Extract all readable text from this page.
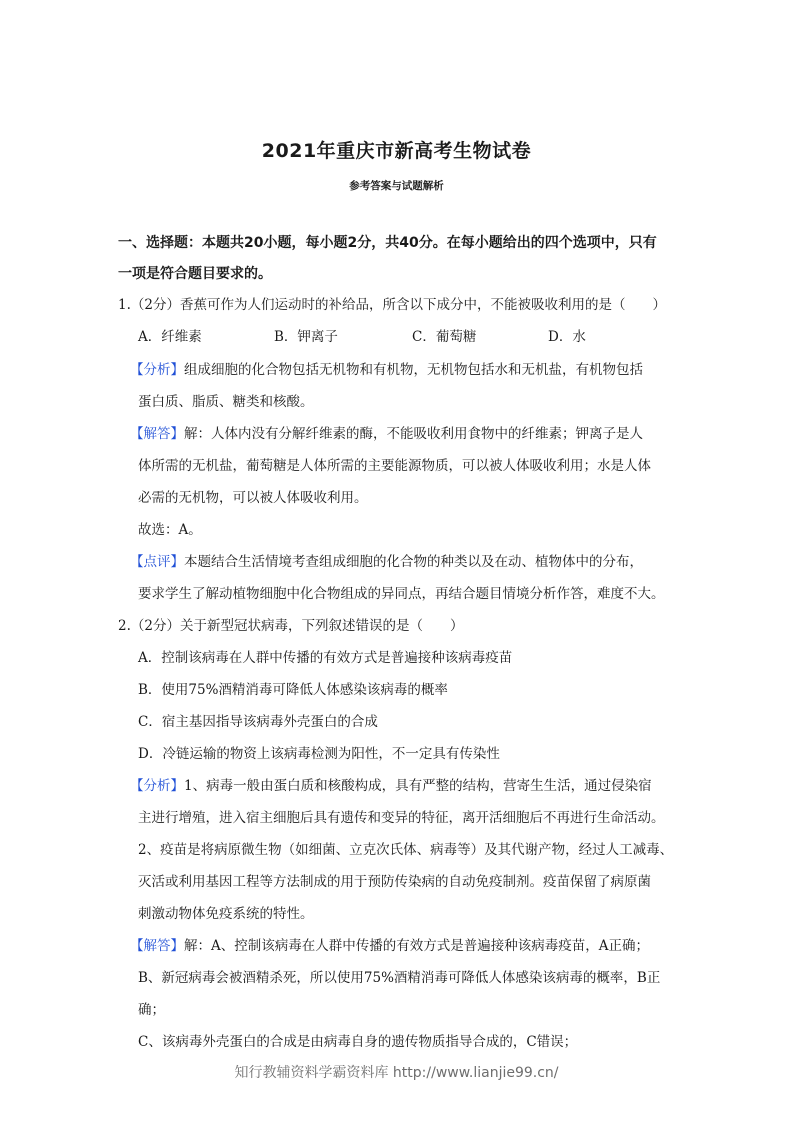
2021年重庆市新高考生物试卷
参考答案与试题解析
一、选择题：本题共20小题，每小题2分，共40分。在每小题给出的四个选项中，只有
一项是符合题目要求的。
1.（2分）香蕉可作为人们运动时的补给品，所含以下成分中，不能被吸收利用的是（　　）
A．纤维素	B．钾离子	C．葡萄糖	D．水
【分析】组成细胞的化合物包括无机物和有机物，无机物包括水和无机盐，有机物包括
蛋白质、脂质、糖类和核酸。
【解答】解：人体内没有分解纤维素的酶，不能吸收利用食物中的纤维素；钾离子是人
体所需的无机盐，葡萄糖是人体所需的主要能源物质，可以被人体吸收利用；水是人体
必需的无机物，可以被人体吸收利用。
故选：A。
【点评】本题结合生活情境考查组成细胞的化合物的种类以及在动、植物体中的分布，
要求学生了解动植物细胞中化合物组成的异同点，再结合题目情境分析作答，难度不大。
2.（2分）关于新型冠状病毒，下列叙述错误的是（　　）
A．控制该病毒在人群中传播的有效方式是普遍接种该病毒疫苗
B．使用75%酒精消毒可降低人体感染该病毒的概率
C．宿主基因指导该病毒外壳蛋白的合成
D．冷链运输的物资上该病毒检测为阳性，不一定具有传染性
【分析】1、病毒一般由蛋白质和核酸构成，具有严整的结构，营寄生生活，通过侵染宿
主进行增殖，进入宿主细胞后具有遗传和变异的特征，离开活细胞后不再进行生命活动。
2、疫苗是将病原微生物（如细菌、立克次氏体、病毒等）及其代谢产物，经过人工减毒、
灭活或利用基因工程等方法制成的用于预防传染病的自动免疫制剂。疫苗保留了病原菌
刺激动物体免疫系统的特性。
【解答】解：A、控制该病毒在人群中传播的有效方式是普遍接种该病毒疫苗，A正确；
B、新冠病毒会被酒精杀死，所以使用75%酒精消毒可降低人体感染该病毒的概率，B正
确；
C、该病毒外壳蛋白的合成是由病毒自身的遗传物质指导合成的，C错误；
知行教辅资料学霸资料库 http://www.lianjie99.cn/
